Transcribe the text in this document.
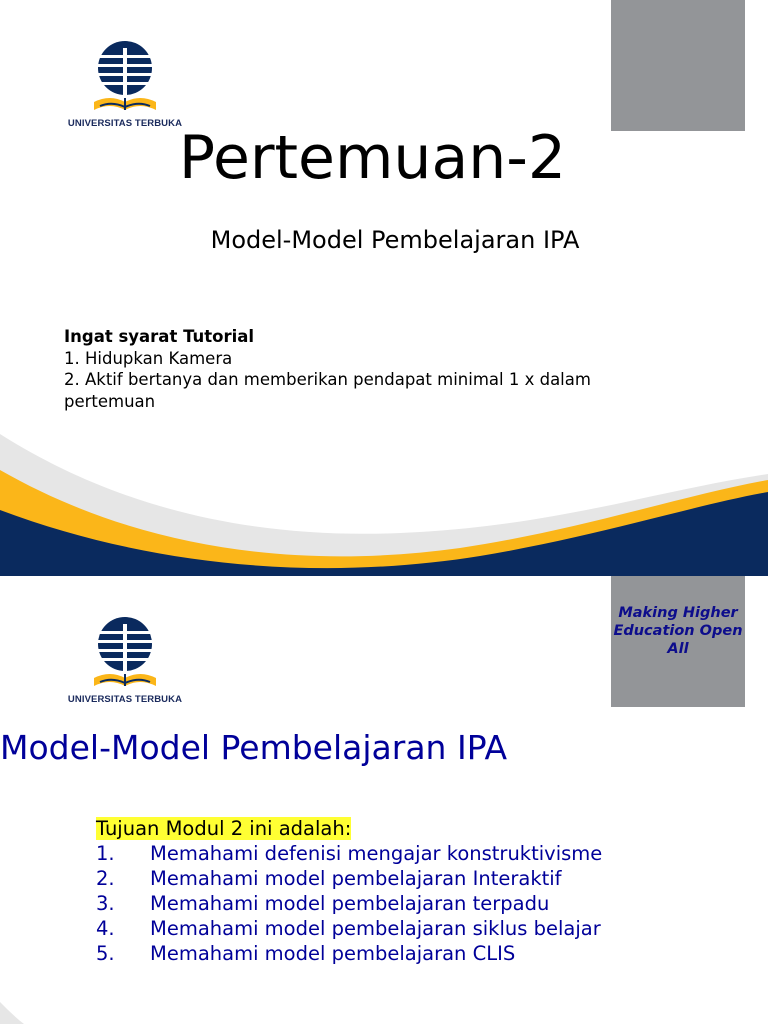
UNIVERSITAS TERBUKA
Pertemuan-2
Model-Model Pembelajaran IPA
Ingat syarat Tutorial
1. Hidupkan Kamera
2. Aktif bertanya dan memberikan pendapat minimal 1 x dalam pertemuan
Making Higher Education Open All
UNIVERSITAS TERBUKA
Model-Model Pembelajaran IPA
Tujuan Modul 2 ini adalah:
1.	Memahami defenisi mengajar konstruktivisme
2.	Memahami model pembelajaran Interaktif
3.	Memahami model pembelajaran terpadu
4.	Memahami model pembelajaran siklus belajar
5.	Memahami model pembelajaran CLIS
